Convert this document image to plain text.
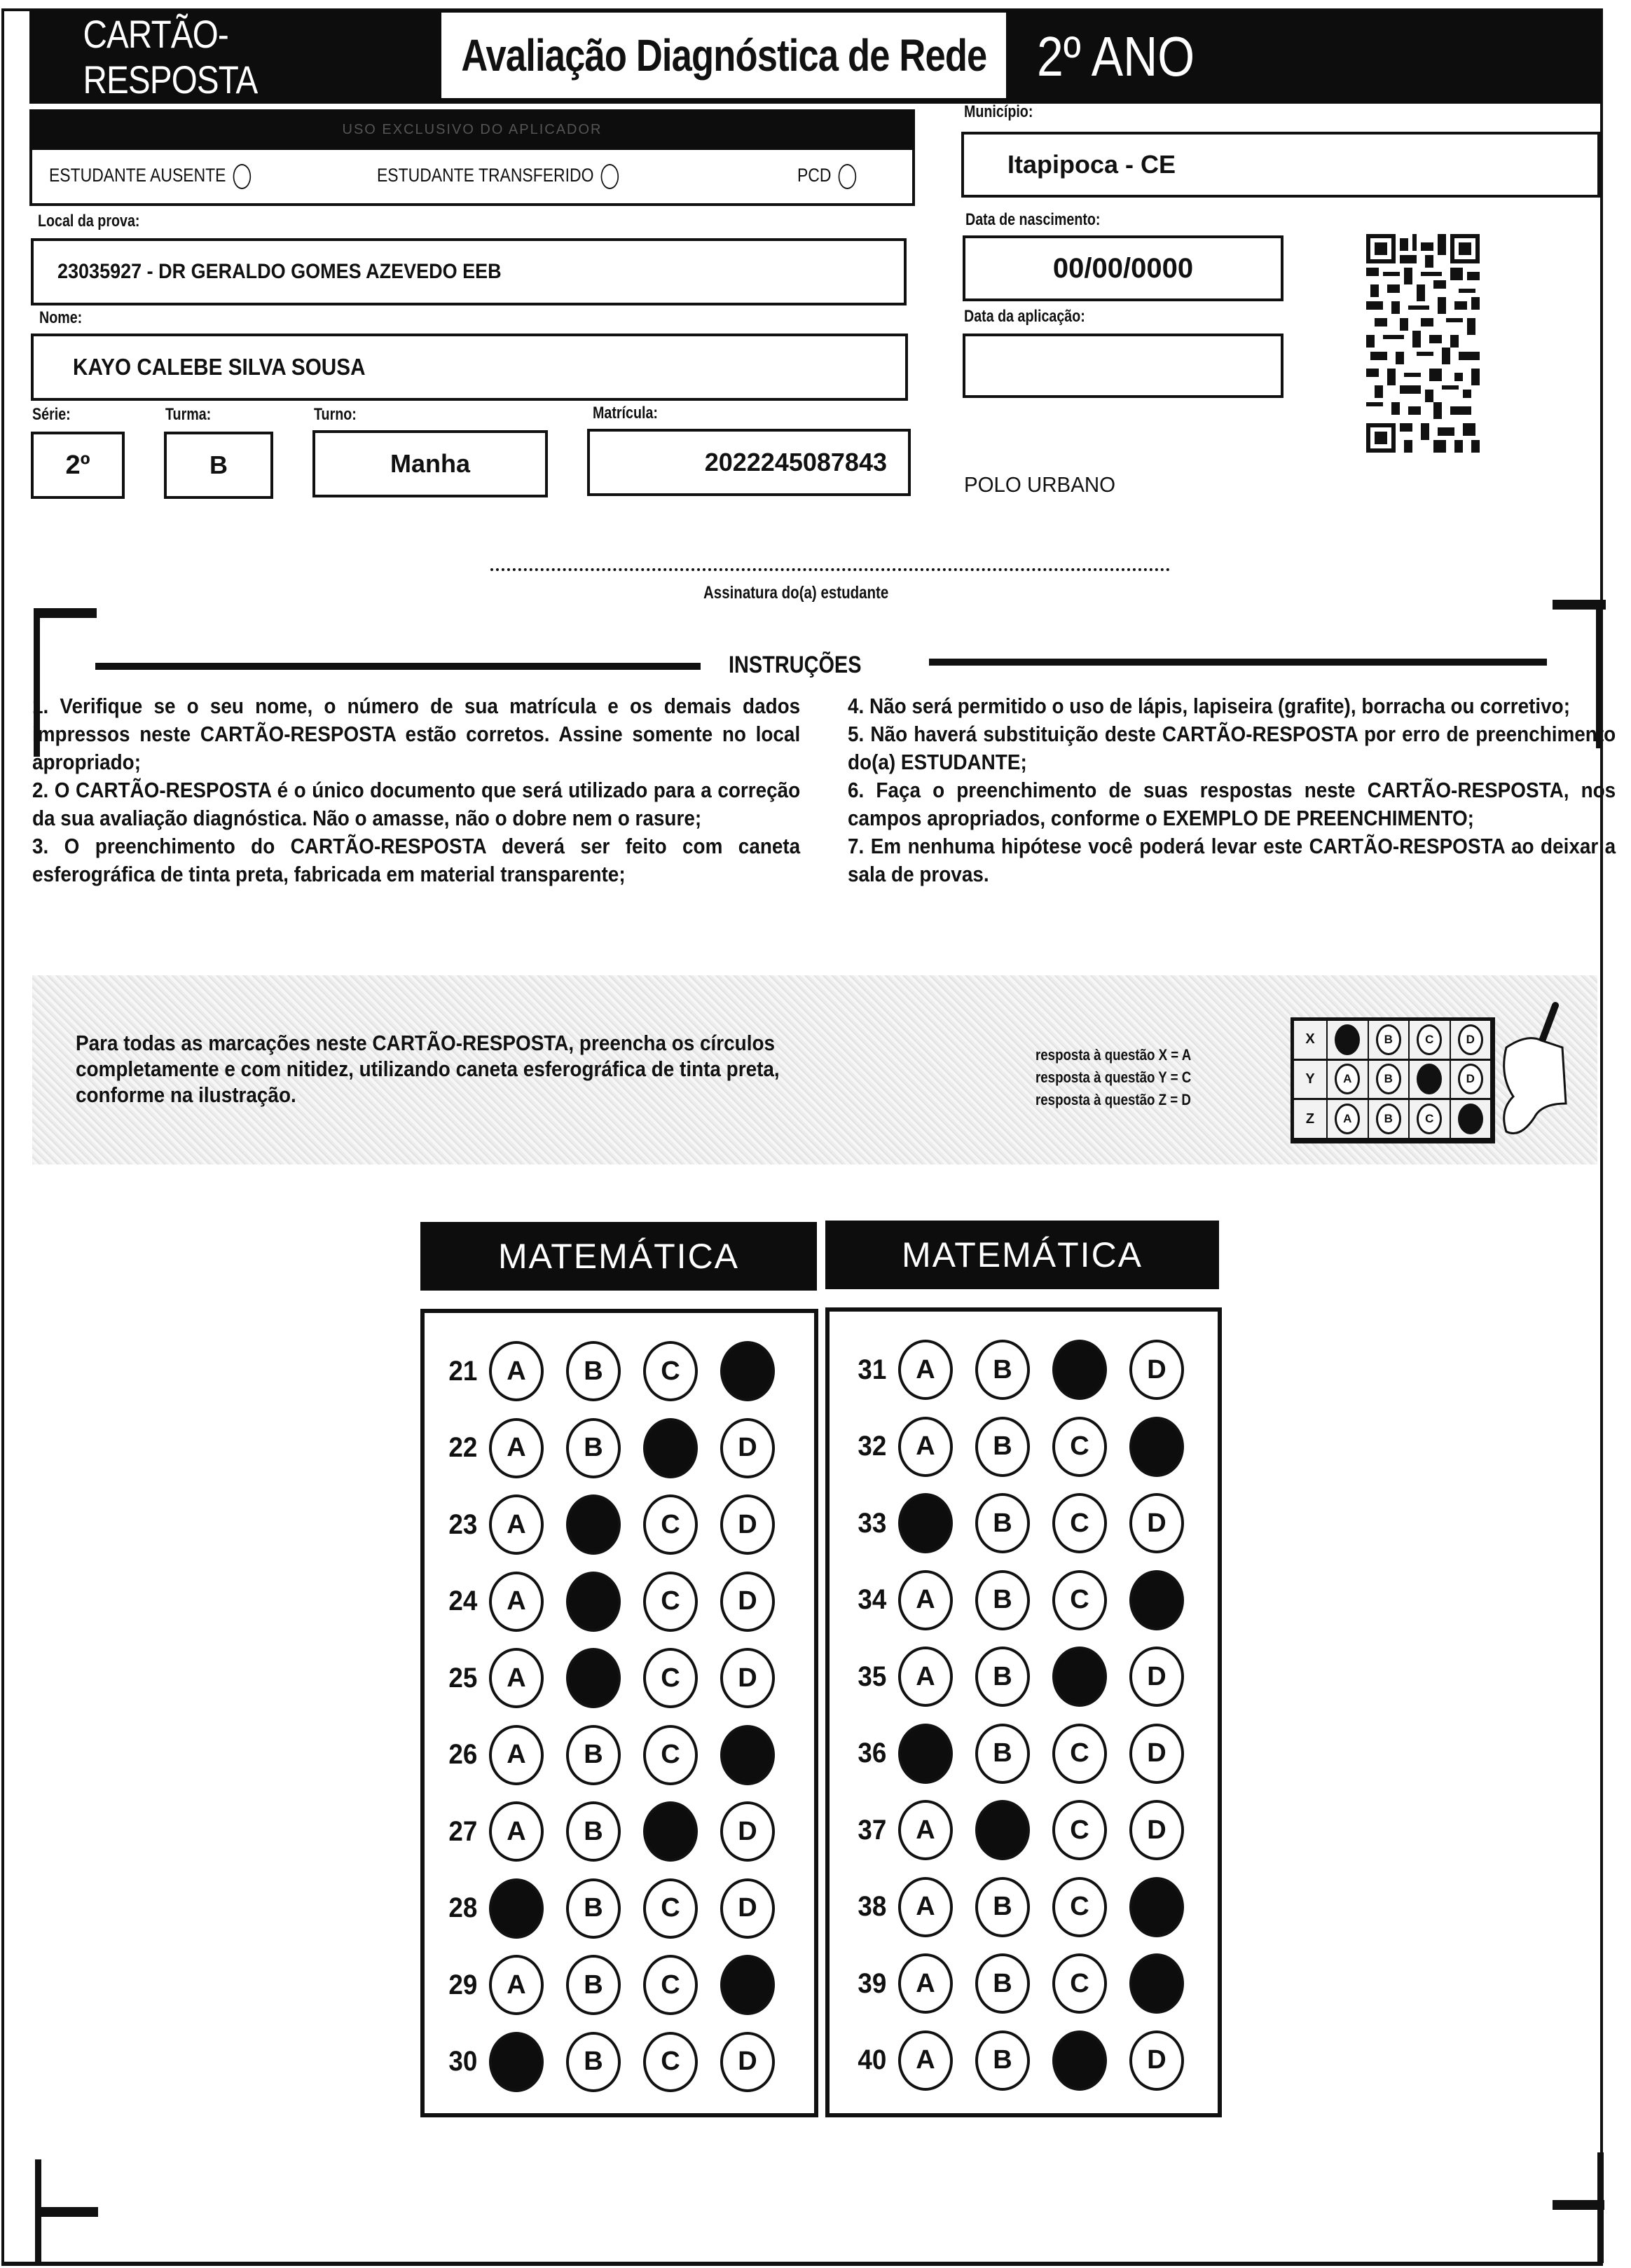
CARTÃO-RESPOSTA	Avaliação Diagnóstica de Rede 2º ANO
USO EXCLUSIVO DO APLICADOR
ESTUDANTE AUSENTE	ESTUDANTE TRANSFERIDO	PCD
Local da prova:
23035927 - DR GERALDO GOMES AZEVEDO EEB
Nome:
KAYO CALEBE SILVA SOUSA
Série:
2º
Turma:
B
Turno:
Manha
Matrícula:
2022245087843
Município:
Itapipoca - CE
Data de nascimento:
00/00/0000
Data da aplicação:
POLO URBANO
Assinatura do(a) estudante
INSTRUÇÕES

1. Verifique se o seu nome, o número de sua matrícula e os demais dados impressos neste CARTÃO-RESPOSTA estão corretos. Assine somente no local apropriado;

2. O CARTÃO-RESPOSTA é o único documento que será utilizado para a correção da sua avaliação diagnóstica. Não o amasse, não o dobre nem o rasure;

3. O preenchimento do CARTÃO-RESPOSTA deverá ser feito com caneta esferográfica de tinta preta, fabricada em material transparente;

4. Não será permitido o uso de lápis, lapiseira (grafite), borracha ou corretivo;

5. Não haverá substituição deste CARTÃO-RESPOSTA por erro de preenchimento do(a) ESTUDANTE;

6. Faça o preenchimento de suas respostas neste CARTÃO-RESPOSTA, nos campos apropriados, conforme o EXEMPLO DE PREENCHIMENTO;

7. Em nenhuma hipótese você poderá levar este CARTÃO-RESPOSTA ao deixar a sala de provas.

Para todas as marcações neste CARTÃO-RESPOSTA, preencha os círculos completamente e com nitidez, utilizando caneta esferográfica de tinta preta, conforme na ilustração.
resposta à questão X = A
resposta à questão Y = C
resposta à questão Z = D
X	B	C	D
Y	A	B	D
Z	A	B	C
MATEMÁTICA	MATEMÁTICA
21	A	B	C	D
22	A	B	C	D
23	A	B	C	D
24	A	B	C	D
25	A	B	C	D
26	A	B	C	D
27	A	B	C	D
28	A	B	C	D
29	A	B	C	D
30	A	B	C	D
31	A	B	C	D
32	A	B	C	D
33	A	B	C	D
34	A	B	C	D
35	A	B	C	D
36	A	B	C	D
37	A	B	C	D
38	A	B	C	D
39	A	B	C	D
40	A	B	C	D
